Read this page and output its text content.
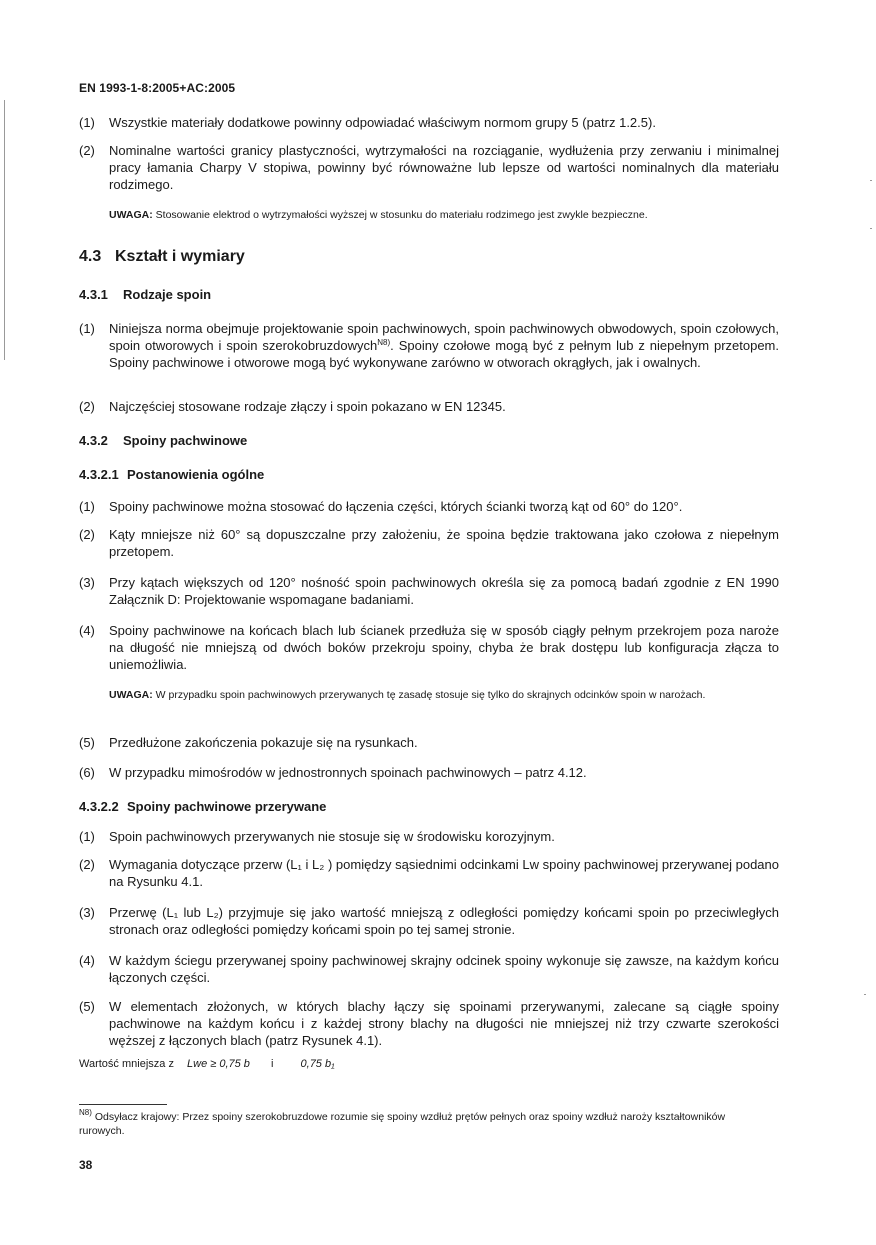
EN 1993-1-8:2005+AC:2005
(1)	Wszystkie materiały dodatkowe powinny odpowiadać właściwym normom grupy 5 (patrz 1.2.5).
(2)	Nominalne wartości granicy plastyczności, wytrzymałości na rozciąganie, wydłużenia przy zerwaniu i minimalnej pracy łamania Charpy V stopiwa, powinny być równoważne lub lepsze od wartości nominalnych dla materiału rodzimego.
UWAGA: Stosowanie elektrod o wytrzymałości wyższej w stosunku do materiału rodzimego jest zwykle bezpieczne.
4.3 Kształt i wymiary
4.3.1 Rodzaje spoin
(1)	Niniejsza norma obejmuje projektowanie spoin pachwinowych, spoin pachwinowych obwodowych, spoin czołowych, spoin otworowych i spoin szerokobruzdowych$^{N8)}$. Spoiny czołowe mogą być z pełnym lub z niepełnym przetopem. Spoiny pachwinowe i otworowe mogą być wykonywane zarówno w otworach okrągłych, jak i owalnych.
(2)	Najczęściej stosowane rodzaje złączy i spoin pokazano w EN 12345.
4.3.2 Spoiny pachwinowe
4.3.2.1 Postanowienia ogólne
(1)	Spoiny pachwinowe można stosować do łączenia części, których ścianki tworzą kąt od 60° do 120°.
(2)	Kąty mniejsze niż 60° są dopuszczalne przy założeniu, że spoina będzie traktowana jako czołowa z niepełnym przetopem.
(3)	Przy kątach większych od 120° nośność spoin pachwinowych określa się za pomocą badań zgodnie z EN 1990 Załącznik D: Projektowanie wspomagane badaniami.
(4)	Spoiny pachwinowe na końcach blach lub ścianek przedłuża się w sposób ciągły pełnym przekrojem poza naroże na długość nie mniejszą od dwóch boków przekroju spoiny, chyba że brak dostępu lub konfiguracja złącza to uniemożliwia.
UWAGA: W przypadku spoin pachwinowych przerywanych tę zasadę stosuje się tylko do skrajnych odcinków spoin w narożach.
(5)	Przedłużone zakończenia pokazuje się na rysunkach.
(6)	W przypadku mimośrodów w jednostronnych spoinach pachwinowych – patrz 4.12.
4.3.2.2 Spoiny pachwinowe przerywane
(1)	Spoin pachwinowych przerywanych nie stosuje się w środowisku korozyjnym.
(2)	Wymagania dotyczące przerw (L₁ i L₂ ) pomiędzy sąsiednimi odcinkami Lw spoiny pachwinowej przerywanej podano na Rysunku 4.1.
(3)	Przerwę (L₁ lub L₂) przyjmuje się jako wartość mniejszą z odległości pomiędzy końcami spoin po przeciwległych stronach oraz odległości pomiędzy końcami spoin po tej samej stronie.
(4)	W każdym ściegu przerywanej spoiny pachwinowej skrajny odcinek spoiny wykonuje się zawsze, na każdym końcu łączonych części.
(5)	W elementach złożonych, w których blachy łączy się spoinami przerywanymi, zalecane są ciągłe spoiny pachwinowe na każdym końcu i z każdej strony blachy na długości nie mniejszej niż trzy czwarte szerokości węższej z łączonych blach (patrz Rysunek 4.1).
Wartość mniejsza z Lwe ≥ 0,75 b i 0,75 b₁
$^{N8)}$ Odsyłacz krajowy: Przez spoiny szerokobruzdowe rozumie się spoiny wzdłuż prętów pełnych oraz spoiny wzdłuż naroży kształtowników rurowych.
38
